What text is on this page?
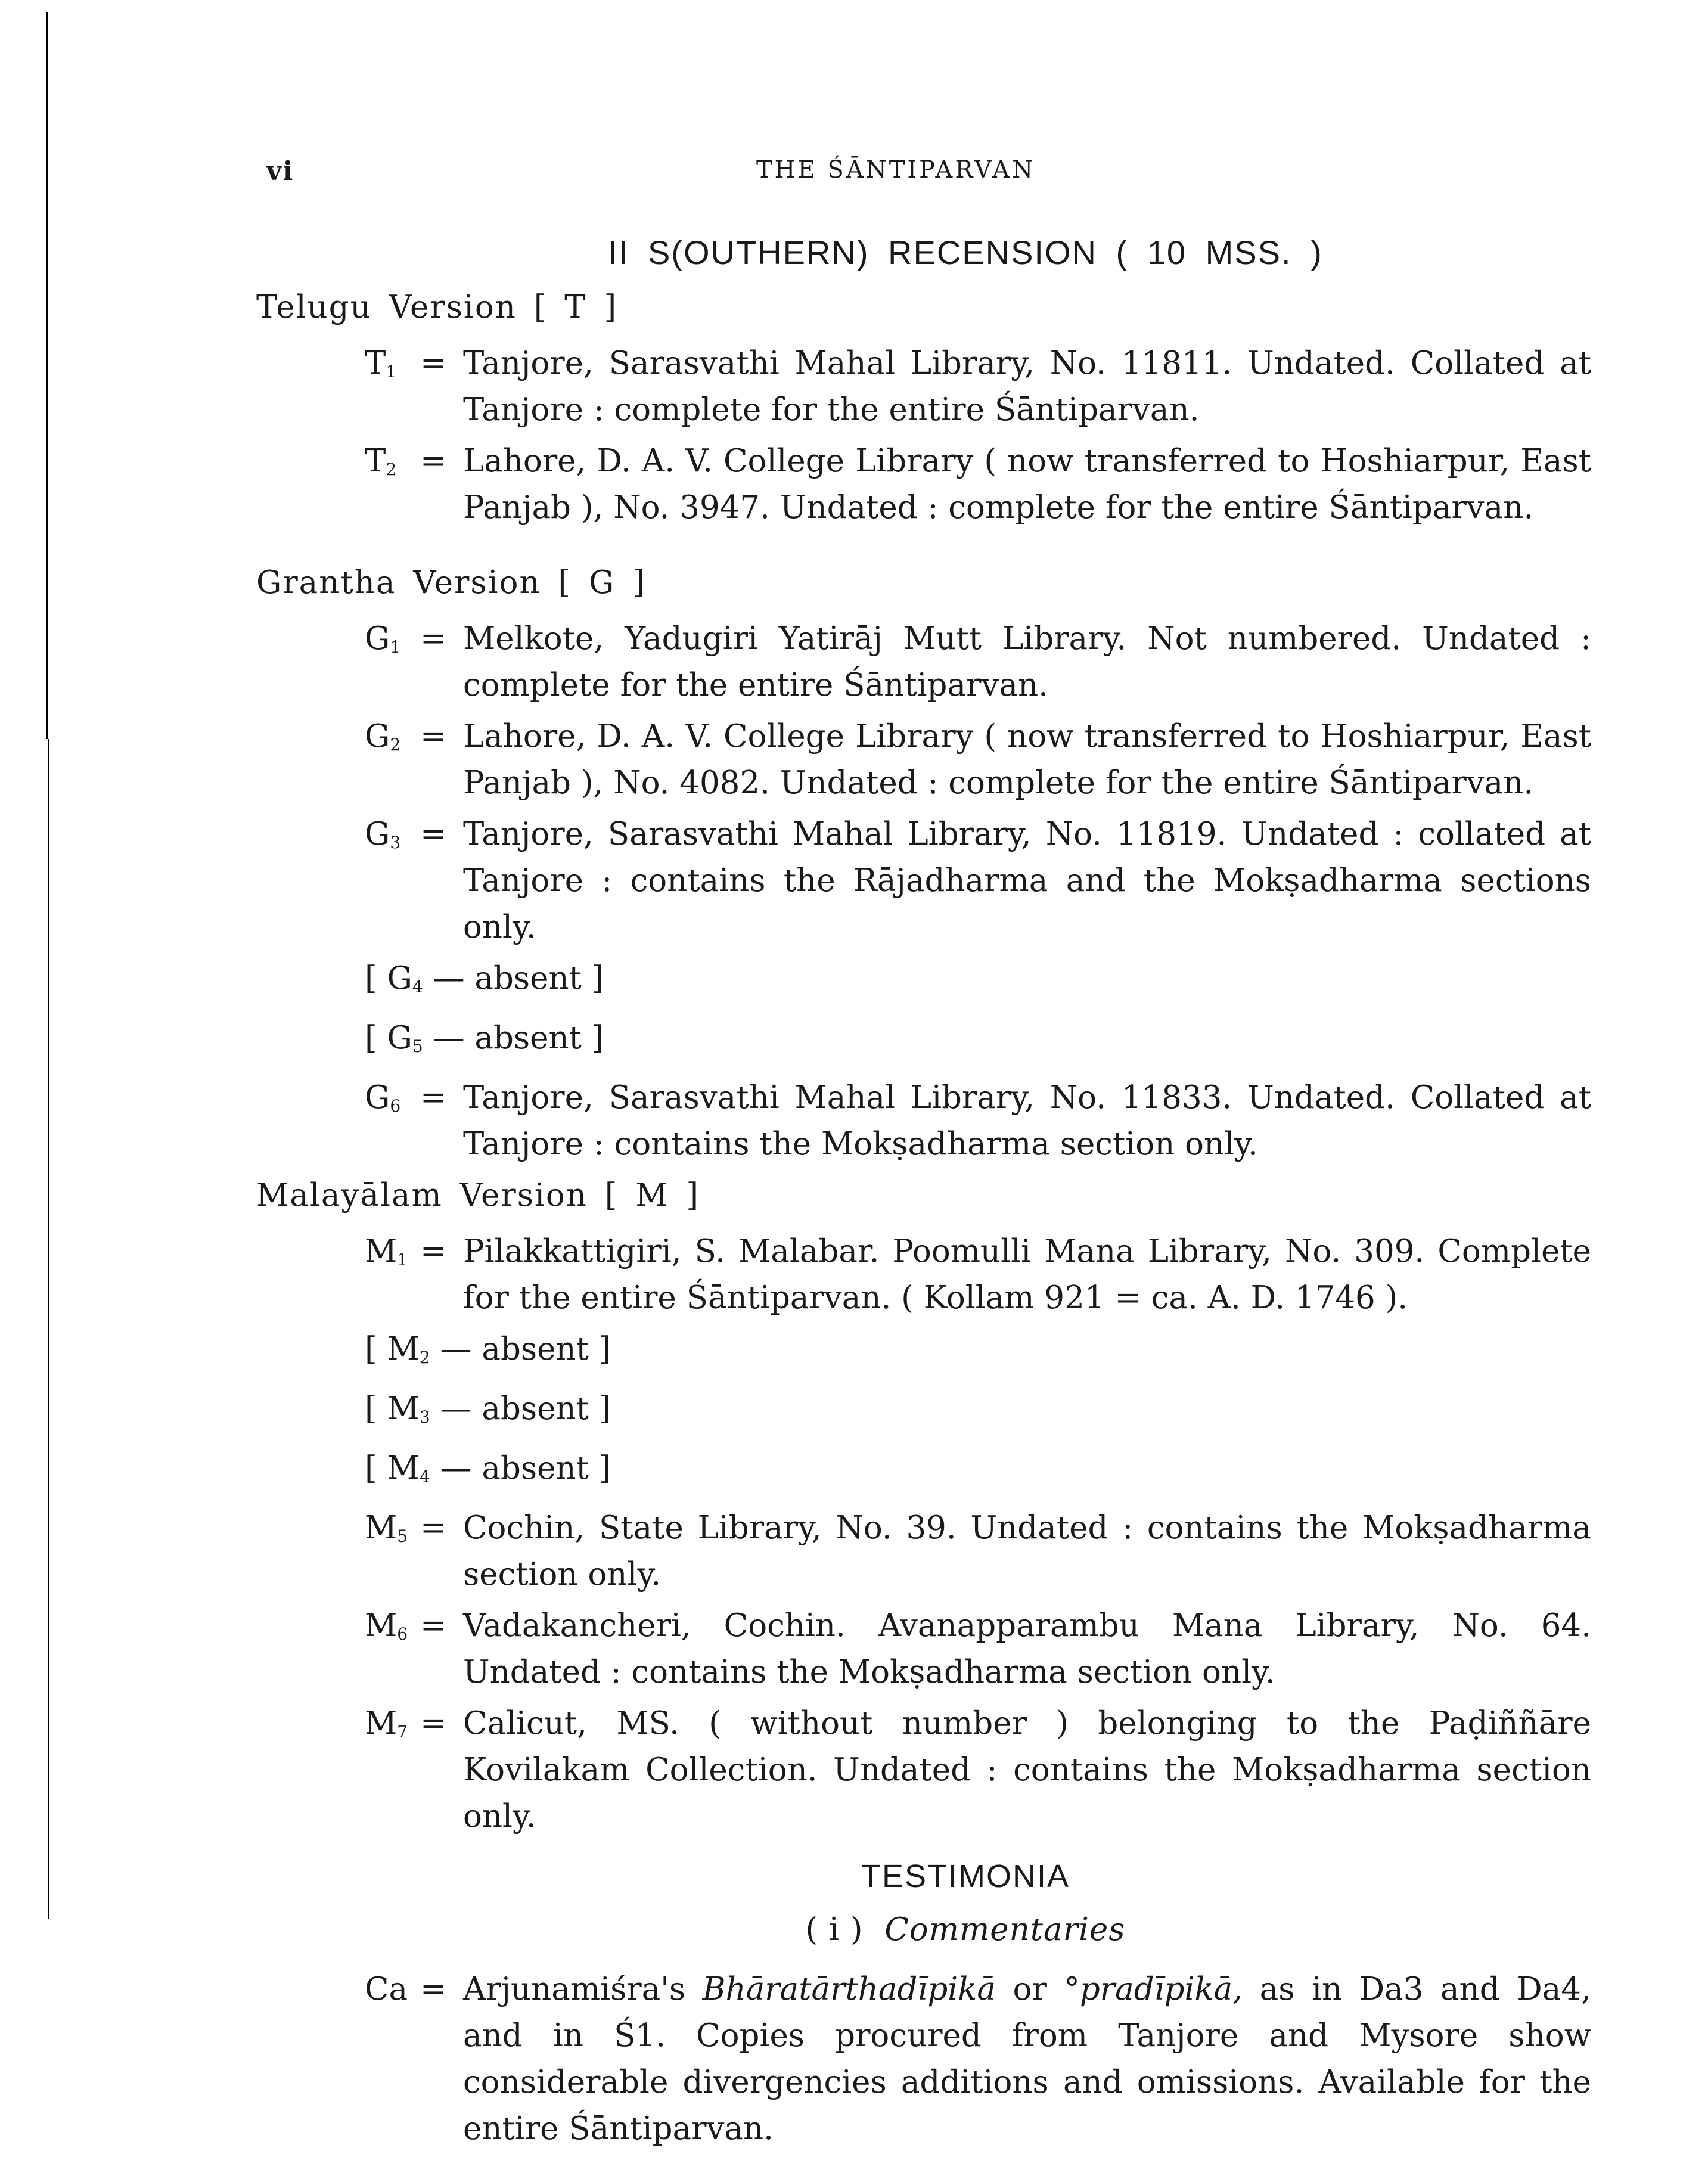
vi	THE ŚĀNTIPARVAN
II S(OUTHERN) RECENSION ( 10 MSS. )
Telugu Version [ T ]
$T_1$ = Tanjore, Sarasvathi Mahal Library, No. 11811. Undated. Collated at Tanjore : complete for the entire Śāntiparvan.
$T_2$ = Lahore, D. A. V. College Library ( now transferred to Hoshiarpur, East Panjab ), No. 3947. Undated : complete for the entire Śāntiparvan.
Grantha Version [ G ]
$G_1$ = Melkote, Yadugiri Yatirāj Mutt Library. Not numbered. Undated : complete for the entire Śāntiparvan.
$G_2$ = Lahore, D. A. V. College Library ( now transferred to Hoshiarpur, East Panjab ), No. 4082. Undated : complete for the entire Śāntiparvan.
$G_3$ = Tanjore, Sarasvathi Mahal Library, No. 11819. Undated : collated at Tanjore : contains the Rājadharma and the Mokṣadharma sections only.
[ $G_4$ — absent ]
[ $G_5$ — absent ]
$G_6$ = Tanjore, Sarasvathi Mahal Library, No. 11833. Undated. Collated at Tanjore : contains the Mokṣadharma section only.
Malayālam Version [ M ]
$M_1$ = Pilakkattigiri, S. Malabar. Poomulli Mana Library, No. 309. Complete for the entire Śāntiparvan. ( Kollam 921 = ca. A. D. 1746 ).
[ $M_2$ — absent ]
[ $M_3$ — absent ]
[ $M_4$ — absent ]
$M_5$ = Cochin, State Library, No. 39. Undated : contains the Mokṣadharma section only.
$M_6$ = Vadakancheri, Cochin. Avanapparambu Mana Library, No. 64. Undated : contains the Mokṣadharma section only.
$M_7$ = Calicut, MS. ( without number ) belonging to the Paḍiññāre Kovilakam Collection. Undated : contains the Mokṣadharma section only.
TESTIMONIA
( i ) Commentaries
Ca = Arjunamiśra's Bhāratārthadīpikā or °pradīpikā, as in Da3 and Da4, and in Ś1. Copies procured from Tanjore and Mysore show considerable divergencies additions and omissions. Available for the entire Śāntiparvan.
